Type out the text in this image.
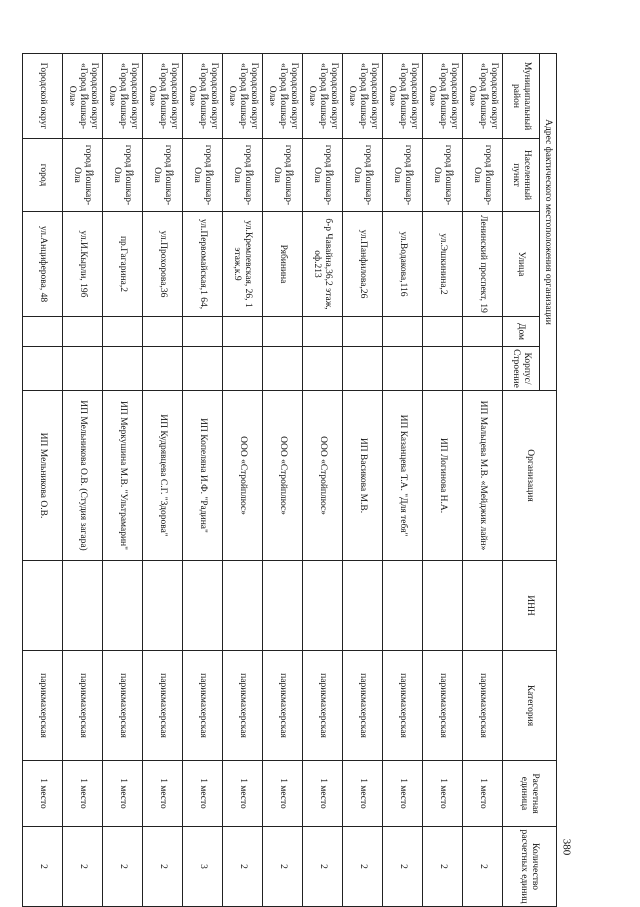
380
Адрес фактического местоположения организации					Организация	ИНН	Категория	Расчетная единица	Количество расчетных единиц
Муниципальный район	Населенный пункт	Улица	Дом	Корпус/ Строение					
Городской округ «Город Йошкар-Ола»	город Йошкар-Ола	Ленинский проспект, 19			ИП Мальцева М.В. «Мейджик лайн»		парикмахерская	1 место	2
Городской округ «Город Йошкар-Ола»	город Йошкар-Ола	ул.Эшкинина,2			ИП Логинова Н.А.		парикмахерская	1 место	2
Городской округ «Город Йошкар-Ола»	город Йошкар-Ола	ул.Водакова,116			ИП Казанцева Т.А. "Для тебя"		парикмахерская	1 место	2
Городской округ «Город Йошкар-Ола»	город Йошкар-Ола	ул.Панфилова,26			ИП Васикова М.В.		парикмахерская	1 место	2
Городской округ «Город Йошкар-Ола»	город Йошкар-Ола	б-р Чавайна,36,2 этаж, оф.213			ООО «Стройплюс»		парикмахерская	1 место	2
Городской округ «Город Йошкар-Ола»	город Йошкар-Ола	Рябинина			ООО «Стройплюс»		парикмахерская	1 место	2
Городской округ «Город Йошкар-Ола»	город Йошкар-Ола	ул.Кремлевская, 26, 1 этаж,к.9			ООО «Стройплюс»		парикмахерская	1 место	2
Городской округ «Город Йошкар-Ола»	город Йошкар-Ола	ул.Первомайская,1 64,			ИП Копеляна И.Ф. "Радина"		парикмахерская	1 место	3
Городской округ «Город Йошкар-Ола»	город Йошкар-Ола	ул.Прохорова,36			ИП Кудрявцева С.Г. "Здорова"		парикмахерская	1 место	2
Городской округ «Город Йошкар-Ола»	город Йошкар-Ола	пр.Гагарина,2			ИП Меркушина М.В. "Ультрамарин"		парикмахерская	1 место	2
Городской округ «Город Йошкар-Ола»	город Йошкар-Ола	ул.И.Кырли, 19б			ИП Мельникова О.В. (Студия загара)		парикмахерская	1 место	2
Городской округ	город	ул.Анциферова, 48			ИП Мельникова О.В.		парикмахерская	1 место	2
